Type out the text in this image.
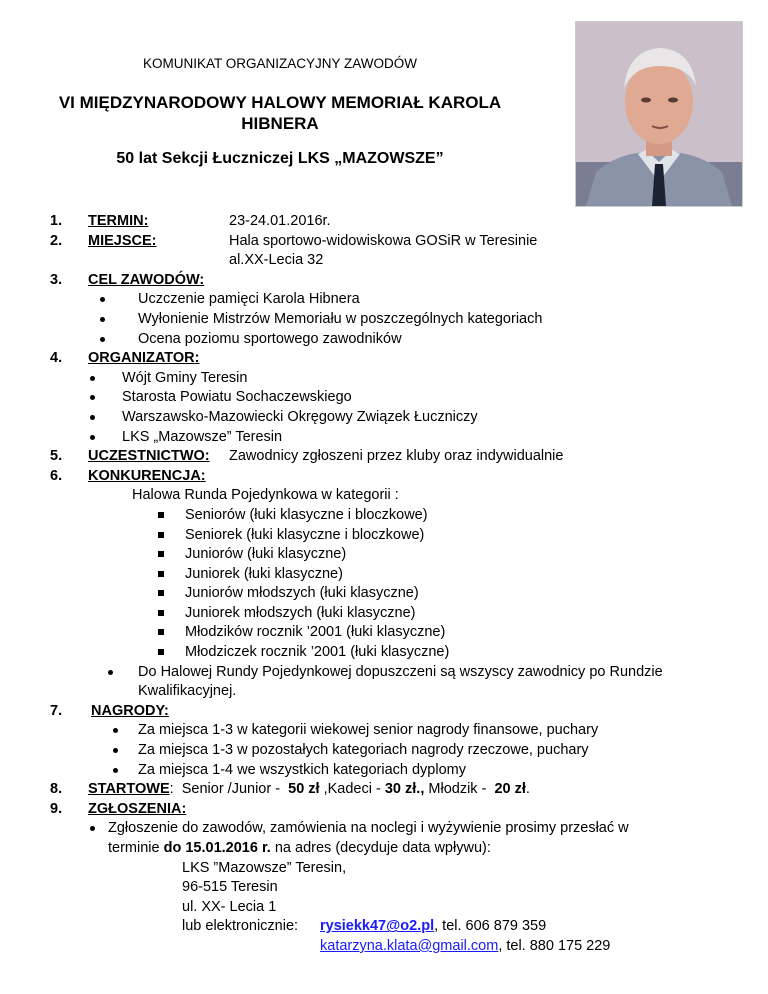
KOMUNIKAT ORGANIZACYJNY ZAWODÓW
VI MIĘDZYNARODOWY HALOWY MEMORIAŁ KAROLA
HIBNERA
50 lat Sekcji Łuczniczej LKS „MAZOWSZE”
1. TERMIN:	23-24.01.2016r.
2. MIEJSCE:	Hala sportowo-widowiskowa GOSiR w Teresinie
al.XX-Lecia 32
3. CEL ZAWODÓW:
Uczczenie pamięci Karola Hibnera
Wyłonienie Mistrzów Memoriału w poszczególnych kategoriach
Ocena poziomu sportowego zawodników
4. ORGANIZATOR:
Wójt Gminy Teresin
Starosta Powiatu Sochaczewskiego
Warszawsko-Mazowiecki Okręgowy Związek Łuczniczy
LKS „Mazowsze” Teresin
5. UCZESTNICTWO: Zawodnicy zgłoszeni przez kluby oraz indywidualnie
6. KONKURENCJA:
Halowa Runda Pojedynkowa w kategorii :
Seniorów (łuki klasyczne i bloczkowe)
Seniorek (łuki klasyczne i bloczkowe)
Juniorów (łuki klasyczne)
Juniorek (łuki klasyczne)
Juniorów młodszych (łuki klasyczne)
Juniorek młodszych (łuki klasyczne)
Młodzików rocznik ’2001 (łuki klasyczne)
Młodziczek rocznik ’2001 (łuki klasyczne)
Do Halowej Rundy Pojedynkowej dopuszczeni są wszyscy zawodnicy po Rundzie
Kwalifikacyjnej.
7. NAGRODY:
Za miejsca 1-3 w kategorii wiekowej senior nagrody finansowe, puchary
Za miejsca 1-3 w pozostałych kategoriach nagrody rzeczowe, puchary
Za miejsca 1-4 we wszystkich kategoriach dyplomy
8. STARTOWE: Senior /Junior - 50 zł ,Kadeci - 30 zł., Młodzik - 20 zł.
9. ZGŁOSZENIA:
Zgłoszenie do zawodów, zamówienia na noclegi i wyżywienie prosimy przesłać w
terminie do 15.01.2016 r. na adres (decyduje data wpływu):
LKS ”Mazowsze” Teresin,
96-515 Teresin
ul. XX- Lecia 1
lub elektronicznie: rysiekk47@o2.pl, tel. 606 879 359
katarzyna.klata@gmail.com, tel. 880 175 229
